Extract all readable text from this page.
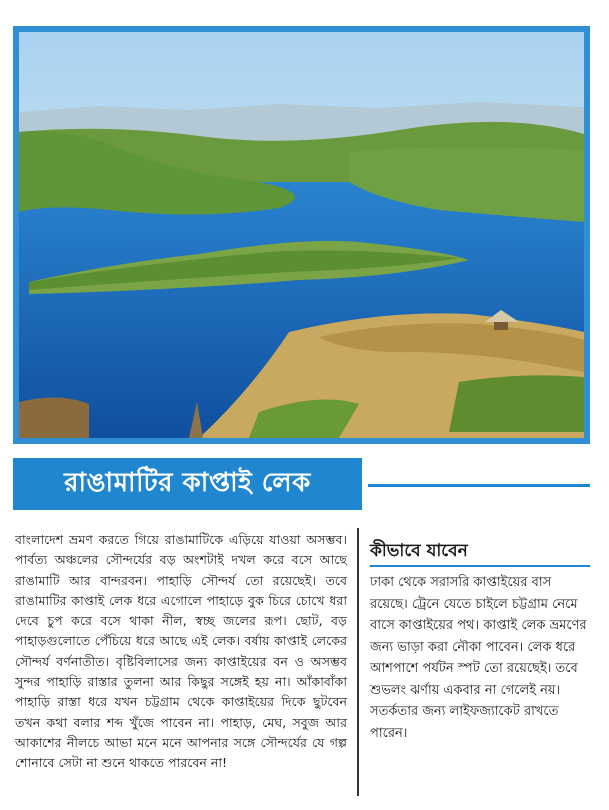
রাঙামাটির কাপ্তাই লেক
বাংলাদেশ ভ্রমণ করতে গিয়ে রাঙামাটিকে এড়িয়ে যাওয়া অসম্ভব। পার্বত্য অঞ্চলের সৌন্দর্যের বড় অংশটাই দখল করে বসে আছে রাঙামাটি আর বান্দরবন। পাহাড়ি সৌন্দর্য তো রয়েছেই। তবে রাঙামাটির কাপ্তাই লেক ধরে এগোলে পাহাড়ে বুক চিরে চোখে ধরা দেবে চুপ করে বসে থাকা নীল, স্বচ্ছ জলের রূপ। ছোট, বড় পাহাড়গুলোতে পেঁচিয়ে ধরে আছে এই লেক। বর্ষায় কাপ্তাই লেকের সৌন্দর্য বর্ণনাতীত। বৃষ্টিবিলাসের জন্য কাপ্তাইয়ের বন ও অসম্ভব সুন্দর পাহাড়ি রাস্তার তুলনা আর কিছুর সঙ্গেই হয় না। আঁকাবাঁকা পাহাড়ি রাস্তা ধরে যখন চট্টগ্রাম থেকে কাপ্তাইয়ের দিকে ছুটবেন তখন কথা বলার শব্দ খুঁজে পাবেন না। পাহাড়, মেঘ, সবুজ আর আকাশের নীলচে আভা মনে মনে আপনার সঙ্গে সৌন্দর্যের যে গল্প শোনাবে সেটা না শুনে থাকতে পারবেন না!
কীভাবে যাবেন
ঢাকা থেকে সরাসরি কাপ্তাইয়ের বাস রয়েছে। ট্রেনে যেতে চাইলে চট্টগ্রাম নেমে বাসে কাপ্তাইয়ের পথ। কাপ্তাই লেক ভ্রমণের জন্য ভাড়া করা নৌকা পাবেন। লেক ধরে আশপাশে পর্যটন স্পট তো রয়েছেই। তবে শুভলং ঝর্ণায় একবার না গেলেই নয়। সতর্কতার জন্য লাইফজ্যাকেট রাখতে পারেন।
